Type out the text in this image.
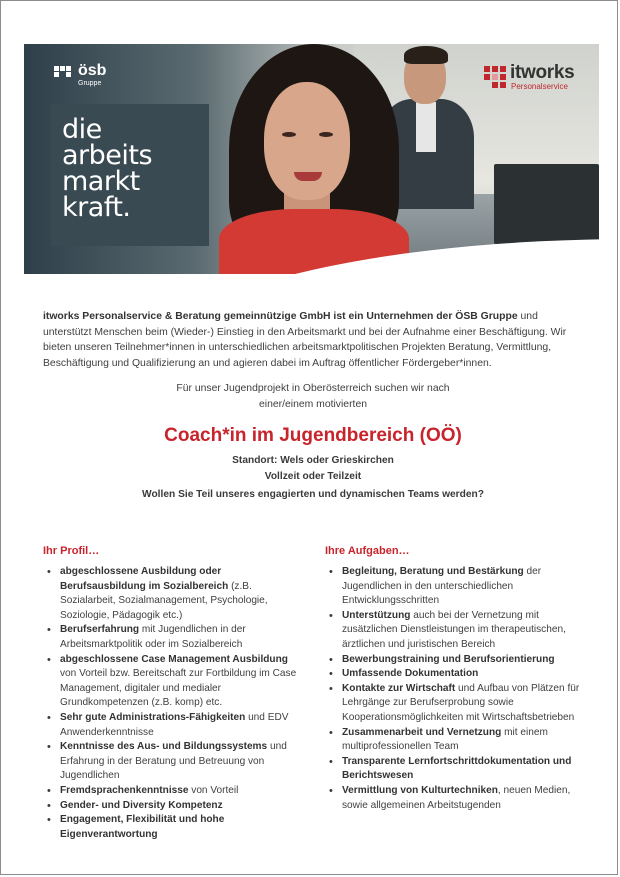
die
arbeits
markt
kraft.
ösb
Gruppe
itworks
Personalservice

itworks Personalservice & Beratung gemeinnützige GmbH ist ein Unternehmen der ÖSB Gruppe und unterstützt Menschen beim (Wieder-) Einstieg in den Arbeitsmarkt und bei der Aufnahme einer Beschäftigung. Wir bieten unseren Teilnehmer*innen in unterschiedlichen arbeitsmarktpolitischen Projekten Beratung, Vermittlung, Beschäftigung und Qualifizierung an und agieren dabei im Auftrag öffentlicher Fördergeber*innen.

Für unser Jugendprojekt in Oberösterreich suchen wir nach
einer/einem motivierten
Coach*in im Jugendbereich (OÖ)
Standort: Wels oder Grieskirchen
Vollzeit oder Teilzeit
Wollen Sie Teil unseres engagierten und dynamischen Teams werden?
Ihr Profil…
• abgeschlossene Ausbildung oder Berufsausbildung im Sozialbereich (z.B. Sozialarbeit, Sozialmanagement, Psychologie, Soziologie, Pädagogik etc.)
• Berufserfahrung mit Jugendlichen in der Arbeitsmarktpolitik oder im Sozialbereich
• abgeschlossene Case Management Ausbildung von Vorteil bzw. Bereitschaft zur Fortbildung im Case Management, digitaler und medialer Grundkompetenzen (z.B. komp) etc.
• Sehr gute Administrations-Fähigkeiten und EDV Anwenderkenntnisse
• Kenntnisse des Aus- und Bildungssystems und Erfahrung in der Beratung und Betreuung von Jugendlichen
• Fremdsprachenkenntnisse von Vorteil
• Gender- und Diversity Kompetenz
• Engagement, Flexibilität und hohe Eigenverantwortung
Ihre Aufgaben…
• Begleitung, Beratung und Bestärkung der Jugendlichen in den unterschiedlichen Entwicklungsschritten
• Unterstützung auch bei der Vernetzung mit zusätzlichen Dienstleistungen im therapeutischen, ärztlichen und juristischen Bereich
• Bewerbungstraining und Berufsorientierung
• Umfassende Dokumentation
• Kontakte zur Wirtschaft und Aufbau von Plätzen für Lehrgänge zur Berufserprobung sowie Kooperationsmöglichkeiten mit Wirtschaftsbetrieben
• Zusammenarbeit und Vernetzung mit einem multiprofessionellen Team
• Transparente Lernfortschrittdokumentation und Berichtswesen
• Vermittlung von Kulturtechniken, neuen Medien, sowie allgemeinen Arbeitstugenden
